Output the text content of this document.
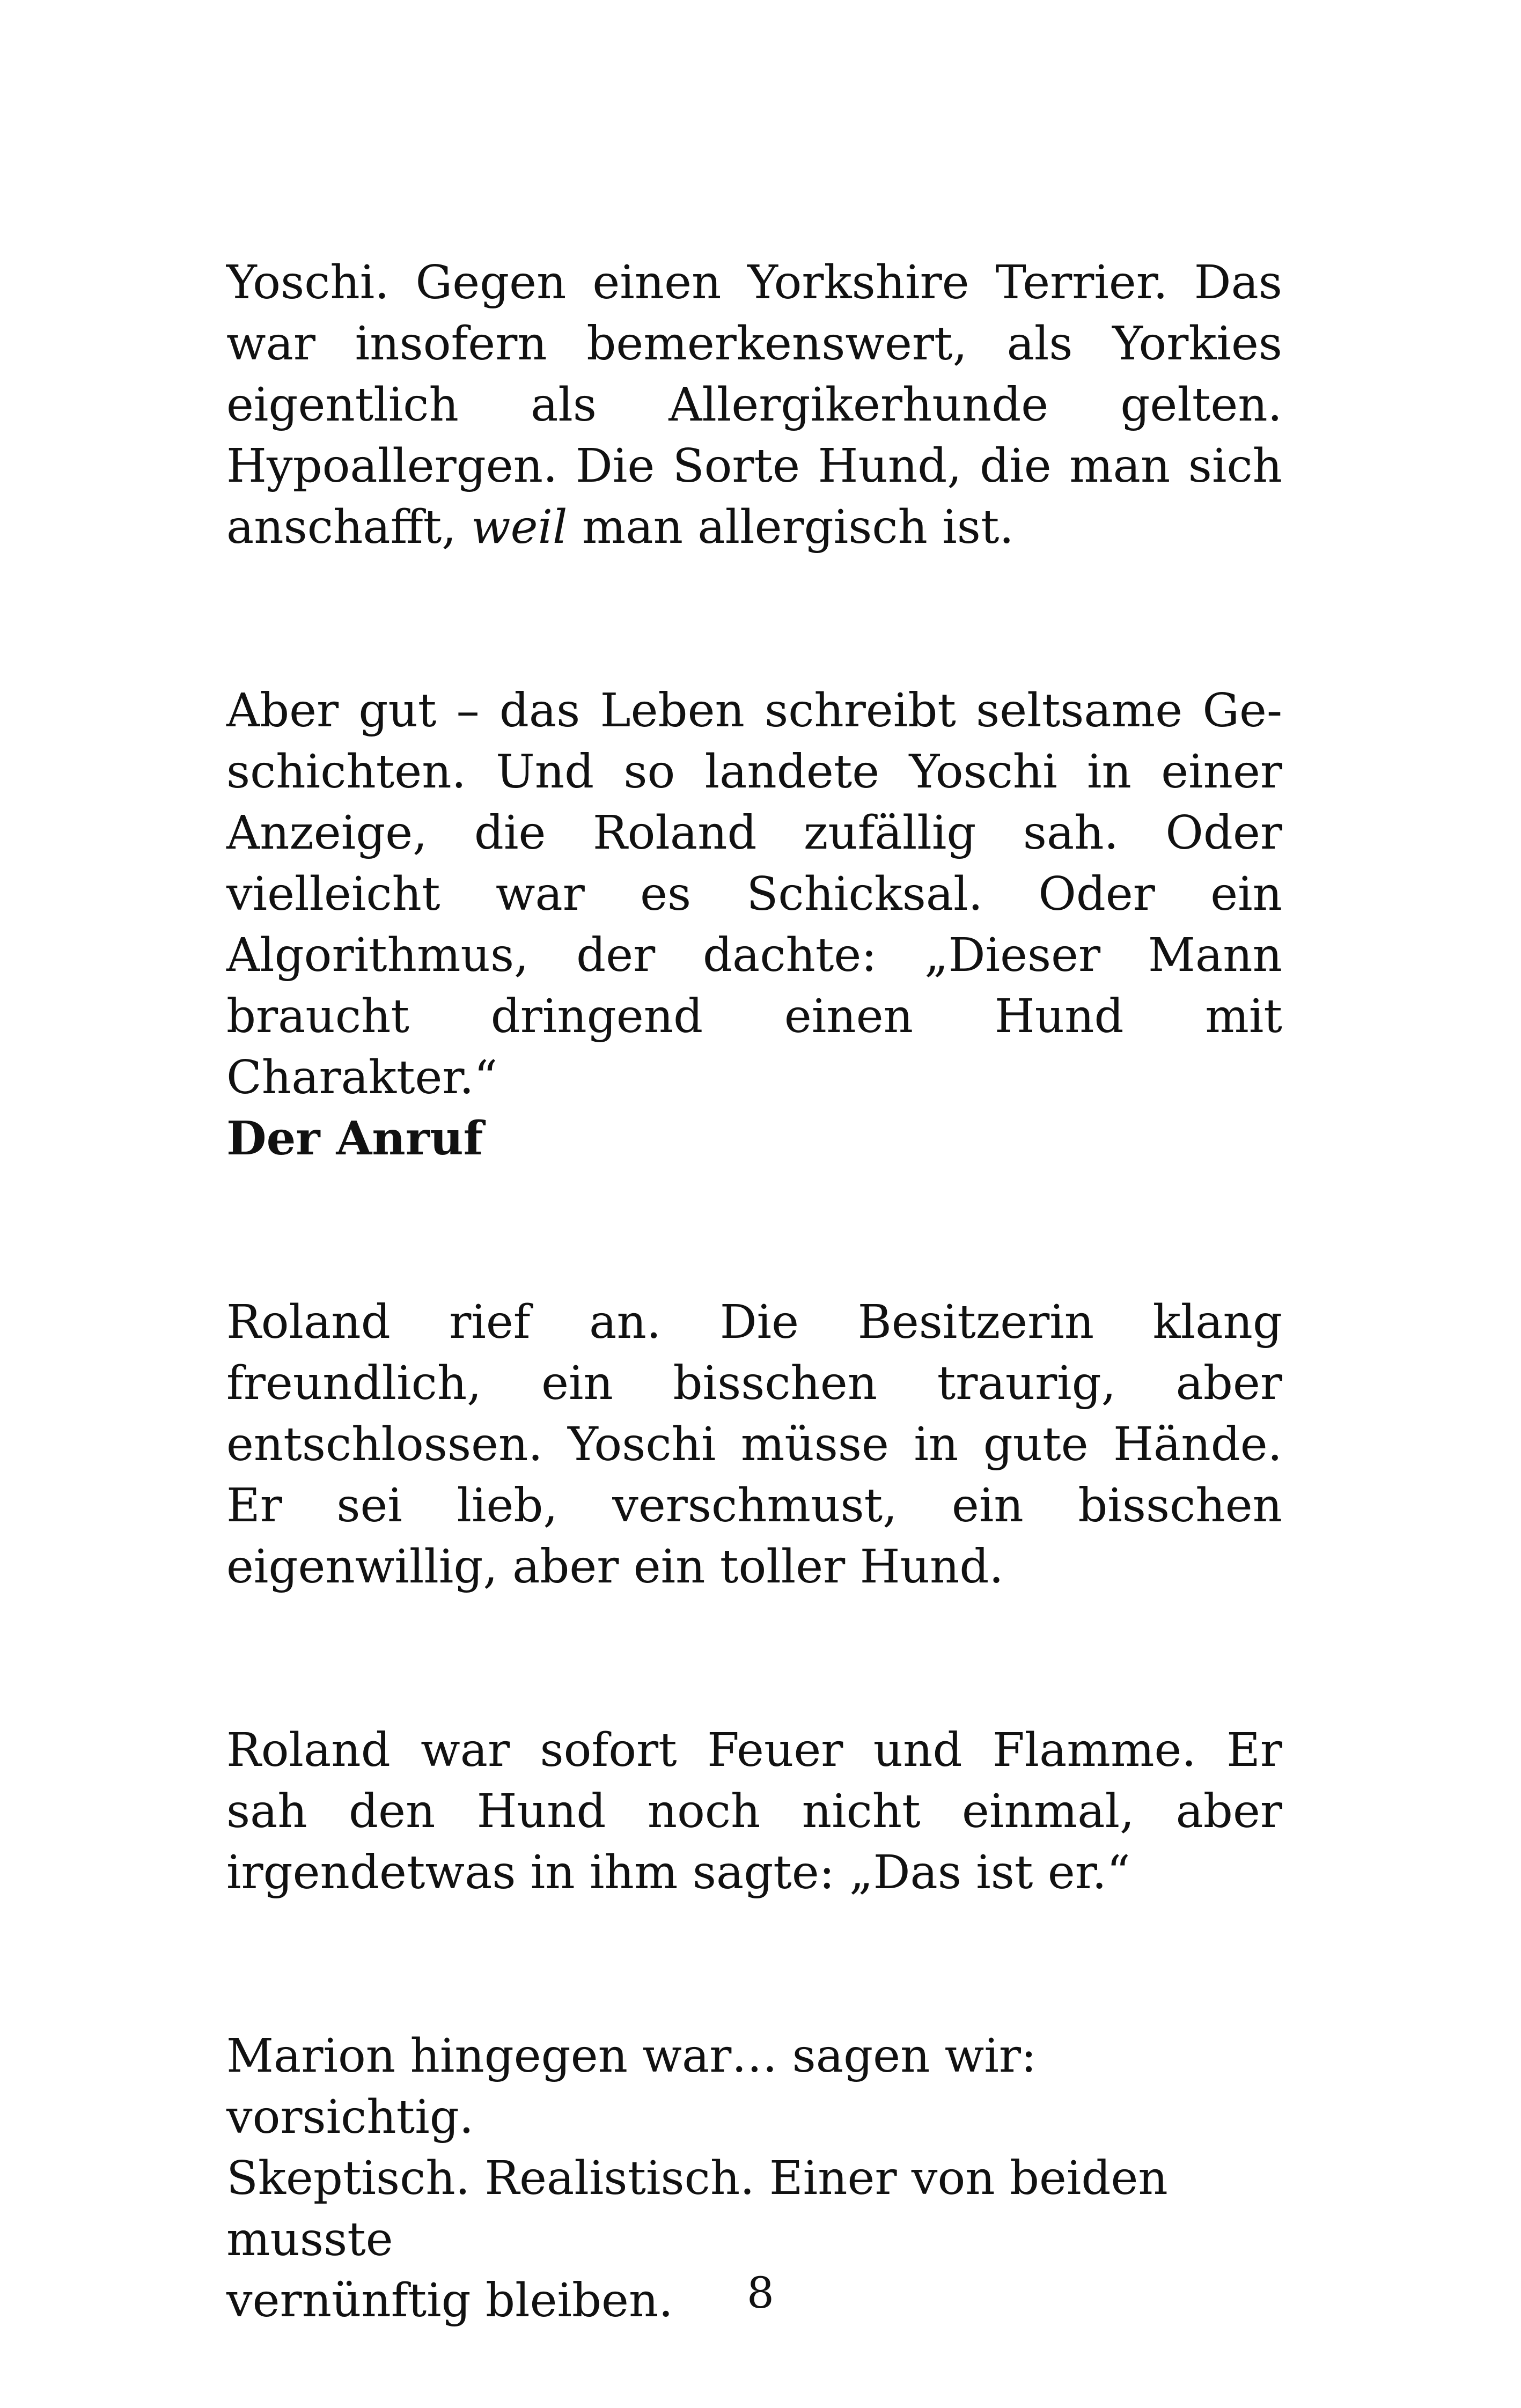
Yoschi. Gegen einen Yorkshire Terrier. Das war insofern bemerkenswert, als Yorkies eigentlich als Allergikerhunde gelten. Hypoallergen. Die Sorte Hund, die man sich anschafft, weil man allergisch ist.

Aber gut – das Leben schreibt seltsame Geschichten. Und so landete Yoschi in einer Anzeige, die Roland zufällig sah. Oder vielleicht war es Schicksal. Oder ein Algorithmus, der dachte: „Dieser Mann braucht dringend einen Hund mit Charakter.“

Der Anruf

Roland rief an. Die Besitzerin klang freundlich, ein bisschen traurig, aber entschlossen. Yoschi müsse in gute Hände. Er sei lieb, verschmust, ein bisschen eigenwillig, aber ein toller Hund.

Roland war sofort Feuer und Flamme. Er sah den Hund noch nicht einmal, aber irgendetwas in ihm sagte: „Das ist er.“

Marion hingegen war… sagen wir: vorsichtig.
Skeptisch. Realistisch. Einer von beiden musste
vernünftig bleiben.	8
